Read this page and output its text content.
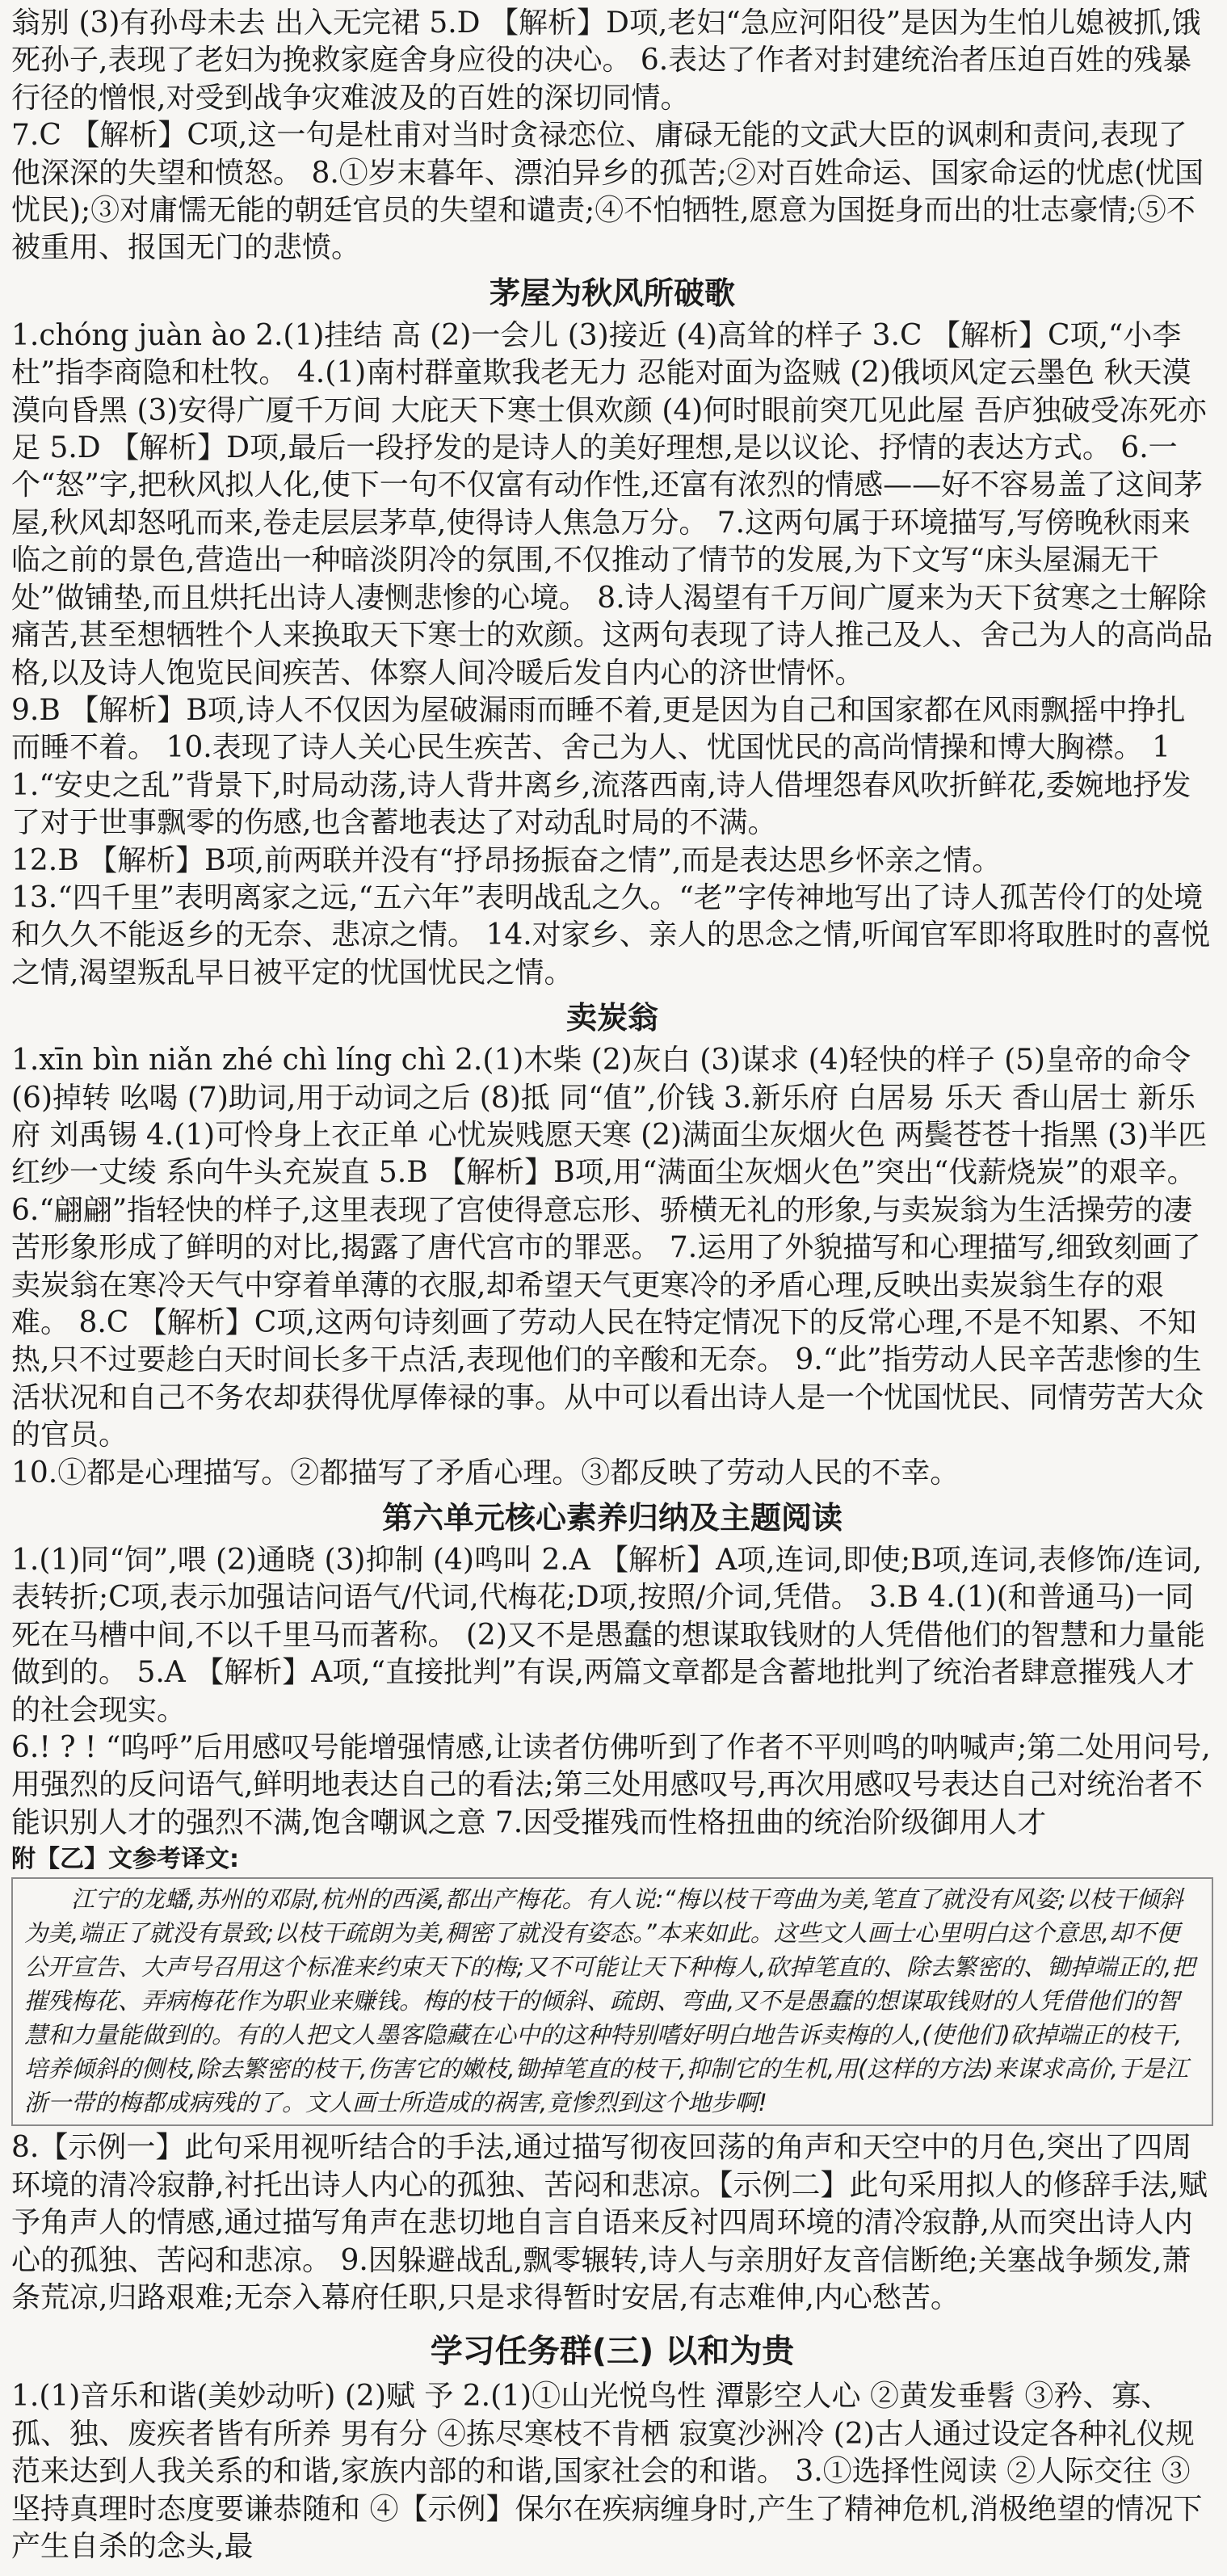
翁别 (3)有孙母未去 出入无完裙 5.D 【解析】D项,老妇“急应河阳役”是因为生怕儿媳被抓,饿死孙子,表现了老妇为挽救家庭舍身应役的决心。 6.表达了作者对封建统治者压迫百姓的残暴行径的憎恨,对受到战争灾难波及的百姓的深切同情。

7.C 【解析】C项,这一句是杜甫对当时贪禄恋位、庸碌无能的文武大臣的讽刺和责问,表现了他深深的失望和愤怒。 8.①岁末暮年、漂泊异乡的孤苦;②对百姓命运、国家命运的忧虑(忧国忧民);③对庸懦无能的朝廷官员的失望和谴责;④不怕牺牲,愿意为国挺身而出的壮志豪情;⑤不被重用、报国无门的悲愤。

茅屋为秋风所破歌

1.chóng juàn ào 2.(1)挂结 高 (2)一会儿 (3)接近 (4)高耸的样子 3.C 【解析】C项,“小李杜”指李商隐和杜牧。 4.(1)南村群童欺我老无力 忍能对面为盗贼 (2)俄顷风定云墨色 秋天漠漠向昏黑 (3)安得广厦千万间 大庇天下寒士俱欢颜 (4)何时眼前突兀见此屋 吾庐独破受冻死亦足 5.D 【解析】D项,最后一段抒发的是诗人的美好理想,是以议论、抒情的表达方式。 6.一个“怒”字,把秋风拟人化,使下一句不仅富有动作性,还富有浓烈的情感——好不容易盖了这间茅屋,秋风却怒吼而来,卷走层层茅草,使得诗人焦急万分。 7.这两句属于环境描写,写傍晚秋雨来临之前的景色,营造出一种暗淡阴冷的氛围,不仅推动了情节的发展,为下文写“床头屋漏无干处”做铺垫,而且烘托出诗人凄恻悲惨的心境。 8.诗人渴望有千万间广厦来为天下贫寒之士解除痛苦,甚至想牺牲个人来换取天下寒士的欢颜。这两句表现了诗人推己及人、舍己为人的高尚品格,以及诗人饱览民间疾苦、体察人间冷暖后发自内心的济世情怀。

9.B 【解析】B项,诗人不仅因为屋破漏雨而睡不着,更是因为自己和国家都在风雨飘摇中挣扎而睡不着。 10.表现了诗人关心民生疾苦、舍己为人、忧国忧民的高尚情操和博大胸襟。 11.“安史之乱”背景下,时局动荡,诗人背井离乡,流落西南,诗人借埋怨春风吹折鲜花,委婉地抒发了对于世事飘零的伤感,也含蓄地表达了对动乱时局的不满。

12.B 【解析】B项,前两联并没有“抒昂扬振奋之情”,而是表达思乡怀亲之情。

13.“四千里”表明离家之远,“五六年”表明战乱之久。“老”字传神地写出了诗人孤苦伶仃的处境和久久不能返乡的无奈、悲凉之情。 14.对家乡、亲人的思念之情,听闻官军即将取胜时的喜悦之情,渴望叛乱早日被平定的忧国忧民之情。

卖炭翁

1.xīn bìn niǎn zhé chì líng chì 2.(1)木柴 (2)灰白 (3)谋求 (4)轻快的样子 (5)皇帝的命令 (6)掉转 吆喝 (7)助词,用于动词之后 (8)抵 同“值”,价钱 3.新乐府 白居易 乐天 香山居士 新乐府 刘禹锡 4.(1)可怜身上衣正单 心忧炭贱愿天寒 (2)满面尘灰烟火色 两鬓苍苍十指黑 (3)半匹红纱一丈绫 系向牛头充炭直 5.B 【解析】B项,用“满面尘灰烟火色”突出“伐薪烧炭”的艰辛。 6.“翩翩”指轻快的样子,这里表现了宫使得意忘形、骄横无礼的形象,与卖炭翁为生活操劳的凄苦形象形成了鲜明的对比,揭露了唐代宫市的罪恶。 7.运用了外貌描写和心理描写,细致刻画了卖炭翁在寒冷天气中穿着单薄的衣服,却希望天气更寒冷的矛盾心理,反映出卖炭翁生存的艰难。 8.C 【解析】C项,这两句诗刻画了劳动人民在特定情况下的反常心理,不是不知累、不知热,只不过要趁白天时间长多干点活,表现他们的辛酸和无奈。 9.“此”指劳动人民辛苦悲惨的生活状况和自己不务农却获得优厚俸禄的事。从中可以看出诗人是一个忧国忧民、同情劳苦大众的官员。

10.①都是心理描写。②都描写了矛盾心理。③都反映了劳动人民的不幸。

第六单元核心素养归纳及主题阅读

1.(1)同“饲”,喂 (2)通晓 (3)抑制 (4)鸣叫 2.A 【解析】A项,连词,即使;B项,连词,表修饰/连词,表转折;C项,表示加强诘问语气/代词,代梅花;D项,按照/介词,凭借。 3.B 4.(1)(和普通马)一同死在马槽中间,不以千里马而著称。 (2)又不是愚蠢的想谋取钱财的人凭借他们的智慧和力量能做到的。 5.A 【解析】A项,“直接批判”有误,两篇文章都是含蓄地批判了统治者肆意摧残人才的社会现实。

6.! ? ! “呜呼”后用感叹号能增强情感,让读者仿佛听到了作者不平则鸣的呐喊声;第二处用问号,用强烈的反问语气,鲜明地表达自己的看法;第三处用感叹号,再次用感叹号表达自己对统治者不能识别人才的强烈不满,饱含嘲讽之意 7.因受摧残而性格扭曲的统治阶级御用人才

附【乙】文参考译文:

江宁的龙蟠,苏州的邓尉,杭州的西溪,都出产梅花。有人说:“梅以枝干弯曲为美,笔直了就没有风姿;以枝干倾斜为美,端正了就没有景致;以枝干疏朗为美,稠密了就没有姿态。”本来如此。这些文人画士心里明白这个意思,却不便公开宣告、大声号召用这个标准来约束天下的梅;又不可能让天下种梅人,砍掉笔直的、除去繁密的、锄掉端正的,把摧残梅花、弄病梅花作为职业来赚钱。梅的枝干的倾斜、疏朗、弯曲,又不是愚蠢的想谋取钱财的人凭借他们的智慧和力量能做到的。有的人把文人墨客隐藏在心中的这种特别嗜好明白地告诉卖梅的人,(使他们)砍掉端正的枝干,培养倾斜的侧枝,除去繁密的枝干,伤害它的嫩枝,锄掉笔直的枝干,抑制它的生机,用(这样的方法)来谋求高价,于是江浙一带的梅都成病残的了。文人画士所造成的祸害,竟惨烈到这个地步啊!

8.【示例一】此句采用视听结合的手法,通过描写彻夜回荡的角声和天空中的月色,突出了四周环境的清冷寂静,衬托出诗人内心的孤独、苦闷和悲凉。【示例二】此句采用拟人的修辞手法,赋予角声人的情感,通过描写角声在悲切地自言自语来反衬四周环境的清冷寂静,从而突出诗人内心的孤独、苦闷和悲凉。 9.因躲避战乱,飘零辗转,诗人与亲朋好友音信断绝;关塞战争频发,萧条荒凉,归路艰难;无奈入幕府任职,只是求得暂时安居,有志难伸,内心愁苦。

学习任务群(三) 以和为贵

1.(1)音乐和谐(美妙动听) (2)赋 予 2.(1)①山光悦鸟性 潭影空人心 ②黄发垂髫 ③矜、寡、孤、独、废疾者皆有所养 男有分 ④拣尽寒枝不肯栖 寂寞沙洲冷 (2)古人通过设定各种礼仪规范来达到人我关系的和谐,家族内部的和谐,国家社会的和谐。 3.①选择性阅读 ②人际交往 ③坚持真理时态度要谦恭随和 ④【示例】保尔在疾病缠身时,产生了精神危机,消极绝望的情况下产生自杀的念头,最
